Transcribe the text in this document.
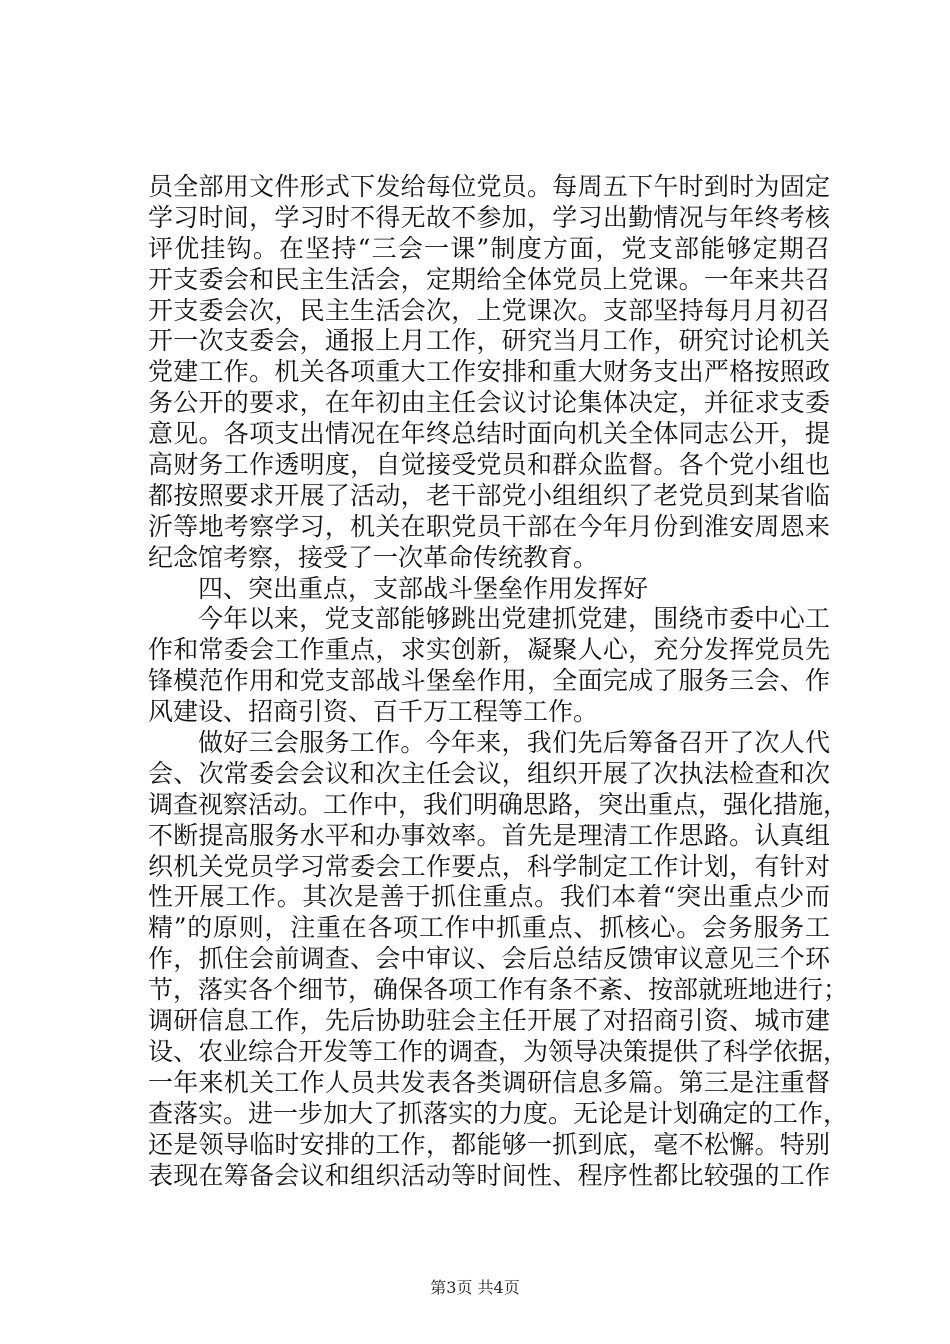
员全部用文件形式下发给每位党员。每周五下午时到时为固定
学习时间，学习时不得无故不参加，学习出勤情况与年终考核
评优挂钩。在坚持“三会一课”制度方面，党支部能够定期召
开支委会和民主生活会，定期给全体党员上党课。一年来共召
开支委会次，民主生活会次，上党课次。支部坚持每月月初召
开一次支委会，通报上月工作，研究当月工作，研究讨论机关
党建工作。机关各项重大工作安排和重大财务支出严格按照政
务公开的要求，在年初由主任会议讨论集体决定，并征求支委
意见。各项支出情况在年终总结时面向机关全体同志公开，提
高财务工作透明度，自觉接受党员和群众监督。各个党小组也
都按照要求开展了活动，老干部党小组组织了老党员到某省临
沂等地考察学习，机关在职党员干部在今年月份到淮安周恩来
纪念馆考察，接受了一次革命传统教育。
四、突出重点，支部战斗堡垒作用发挥好
今年以来，党支部能够跳出党建抓党建，围绕市委中心工
作和常委会工作重点，求实创新，凝聚人心，充分发挥党员先
锋模范作用和党支部战斗堡垒作用，全面完成了服务三会、作
风建设、招商引资、百千万工程等工作。
做好三会服务工作。今年来，我们先后筹备召开了次人代
会、次常委会会议和次主任会议，组织开展了次执法检查和次
调查视察活动。工作中，我们明确思路，突出重点，强化措施，
不断提高服务水平和办事效率。首先是理清工作思路。认真组
织机关党员学习常委会工作要点，科学制定工作计划，有针对
性开展工作。其次是善于抓住重点。我们本着“突出重点少而
精”的原则，注重在各项工作中抓重点、抓核心。会务服务工
作，抓住会前调查、会中审议、会后总结反馈审议意见三个环
节，落实各个细节，确保各项工作有条不紊、按部就班地进行；
调研信息工作，先后协助驻会主任开展了对招商引资、城市建
设、农业综合开发等工作的调查，为领导决策提供了科学依据，
一年来机关工作人员共发表各类调研信息多篇。第三是注重督
查落实。进一步加大了抓落实的力度。无论是计划确定的工作，
还是领导临时安排的工作，都能够一抓到底，毫不松懈。特别
表现在筹备会议和组织活动等时间性、程序性都比较强的工作
第3页 共4页
